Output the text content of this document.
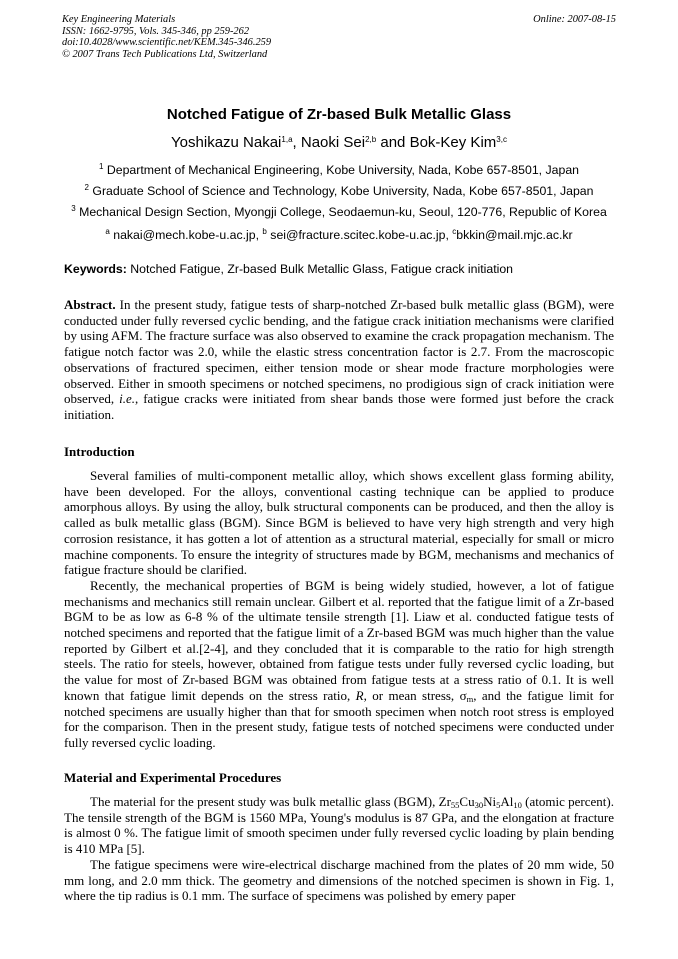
Key Engineering Materials
ISSN: 1662-9795, Vols. 345-346, pp 259-262
doi:10.4028/www.scientific.net/KEM.345-346.259
© 2007 Trans Tech Publications Ltd, Switzerland
Online: 2007-08-15
Notched Fatigue of Zr-based Bulk Metallic Glass
Yoshikazu Nakai$^{1,a}$, Naoki Sei$^{2,b}$ and Bok-Key Kim$^{3,c}$
$^1$ Department of Mechanical Engineering, Kobe University, Nada, Kobe 657-8501, Japan
$^2$ Graduate School of Science and Technology, Kobe University, Nada, Kobe 657-8501, Japan
$^3$ Mechanical Design Section, Myongji College, Seodaemun-ku, Seoul, 120-776, Republic of Korea
$^a$ nakai@mech.kobe-u.ac.jp, $^b$ sei@fracture.scitec.kobe-u.ac.jp, $^c$bkkin@mail.mjc.ac.kr
Keywords: Notched Fatigue, Zr-based Bulk Metallic Glass, Fatigue crack initiation

Abstract. In the present study, fatigue tests of sharp-notched Zr-based bulk metallic glass (BGM), were conducted under fully reversed cyclic bending, and the fatigue crack initiation mechanisms were clarified by using AFM. The fracture surface was also observed to examine the crack propagation mechanism. The fatigue notch factor was 2.0, while the elastic stress concentration factor is 2.7. From the macroscopic observations of fractured specimen, either tension mode or shear mode fracture morphologies were observed. Either in smooth specimens or notched specimens, no prodigious sign of crack initiation were observed, i.e., fatigue cracks were initiated from shear bands those were formed just before the crack initiation.

Introduction

Several families of multi-component metallic alloy, which shows excellent glass forming ability, have been developed. For the alloys, conventional casting technique can be applied to produce amorphous alloys. By using the alloy, bulk structural components can be produced, and then the alloy is called as bulk metallic glass (BGM). Since BGM is believed to have very high strength and very high corrosion resistance, it has gotten a lot of attention as a structural material, especially for small or micro machine components. To ensure the integrity of structures made by BGM, mechanisms and mechanics of fatigue fracture should be clarified.

Recently, the mechanical properties of BGM is being widely studied, however, a lot of fatigue mechanisms and mechanics still remain unclear. Gilbert et al. reported that the fatigue limit of a Zr-based BGM to be as low as 6-8 % of the ultimate tensile strength [1]. Liaw et al. conducted fatigue tests of notched specimens and reported that the fatigue limit of a Zr-based BGM was much higher than the value reported by Gilbert et al.[2-4], and they concluded that it is comparable to the ratio for high strength steels. The ratio for steels, however, obtained from fatigue tests under fully reversed cyclic loading, but the value for most of Zr-based BGM was obtained from fatigue tests at a stress ratio of 0.1. It is well known that fatigue limit depends on the stress ratio, R, or mean stress, $\sigma_m$, and the fatigue limit for notched specimens are usually higher than that for smooth specimen when notch root stress is employed for the comparison. Then in the present study, fatigue tests of notched specimens were conducted under fully reversed cyclic loading.

Material and Experimental Procedures

The material for the present study was bulk metallic glass (BGM), $Zr_{55}Cu_{30}Ni_5Al_{10}$ (atomic percent). The tensile strength of the BGM is 1560 MPa, Young's modulus is 87 GPa, and the elongation at fracture is almost 0 %. The fatigue limit of smooth specimen under fully reversed cyclic loading by plain bending is 410 MPa [5].

The fatigue specimens were wire-electrical discharge machined from the plates of 20 mm wide, 50 mm long, and 2.0 mm thick. The geometry and dimensions of the notched specimen is shown in Fig. 1, where the tip radius is 0.1 mm. The surface of specimens was polished by emery paper
